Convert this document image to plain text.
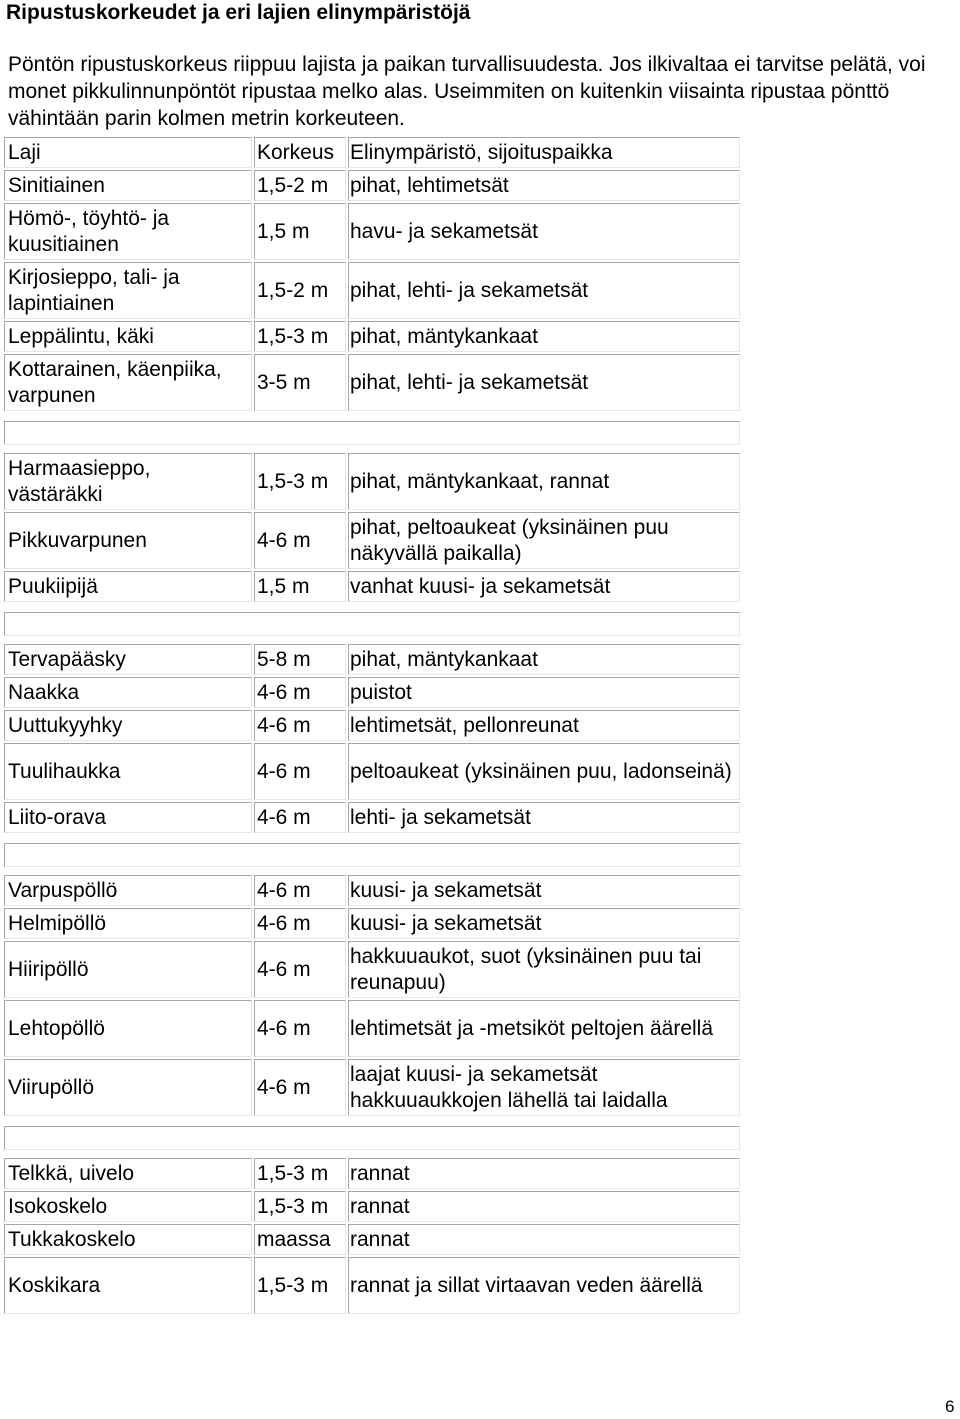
Ripustuskorkeudet ja eri lajien elinympäristöjä
Pöntön ripustuskorkeus riippuu lajista ja paikan turvallisuudesta. Jos ilkivaltaa ei tarvitse pelätä, voi monet pikkulinnunpöntöt ripustaa melko alas. Useimmiten on kuitenkin viisainta ripustaa pönttö vähintään parin kolmen metrin korkeuteen.
Laji	Korkeus	Elinympäristö, sijoituspaikka
Sinitiainen	1,5-2 m	pihat, lehtimetsät
Hömö-, töyhtö- ja kuusitiainen	1,5 m	havu- ja sekametsät
Kirjosieppo, tali- ja lapintiainen	1,5-2 m	pihat, lehti- ja sekametsät
Leppälintu, käki	1,5-3 m	pihat, mäntykankaat
Kottarainen, käenpiika, varpunen	3-5 m	pihat, lehti- ja sekametsät

Harmaasieppo, västäräkki	1,5-3 m	pihat, mäntykankaat, rannat
Pikkuvarpunen	4-6 m	pihat, peltoaukeat (yksinäinen puu näkyvällä paikalla)
Puukiipijä	1,5 m	vanhat kuusi- ja sekametsät

Tervapääsky	5-8 m	pihat, mäntykankaat
Naakka	4-6 m	puistot
Uuttukyyhky	4-6 m	lehtimetsät, pellonreunat
Tuulihaukka	4-6 m	peltoaukeat (yksinäinen puu, ladonseinä)
Liito-orava	4-6 m	lehti- ja sekametsät

Varpuspöllö	4-6 m	kuusi- ja sekametsät
Helmipöllö	4-6 m	kuusi- ja sekametsät
Hiiripöllö	4-6 m	hakkuuaukot, suot (yksinäinen puu tai reunapuu)
Lehtopöllö	4-6 m	lehtimetsät ja -metsiköt peltojen äärellä
Viirupöllö	4-6 m	laajat kuusi- ja sekametsät hakkuuaukkojen lähellä tai laidalla

Telkkä, uivelo	1,5-3 m	rannat
Isokoskelo	1,5-3 m	rannat
Tukkakoskelo	maassa	rannat
Koskikara	1,5-3 m	rannat ja sillat virtaavan veden äärellä
6
